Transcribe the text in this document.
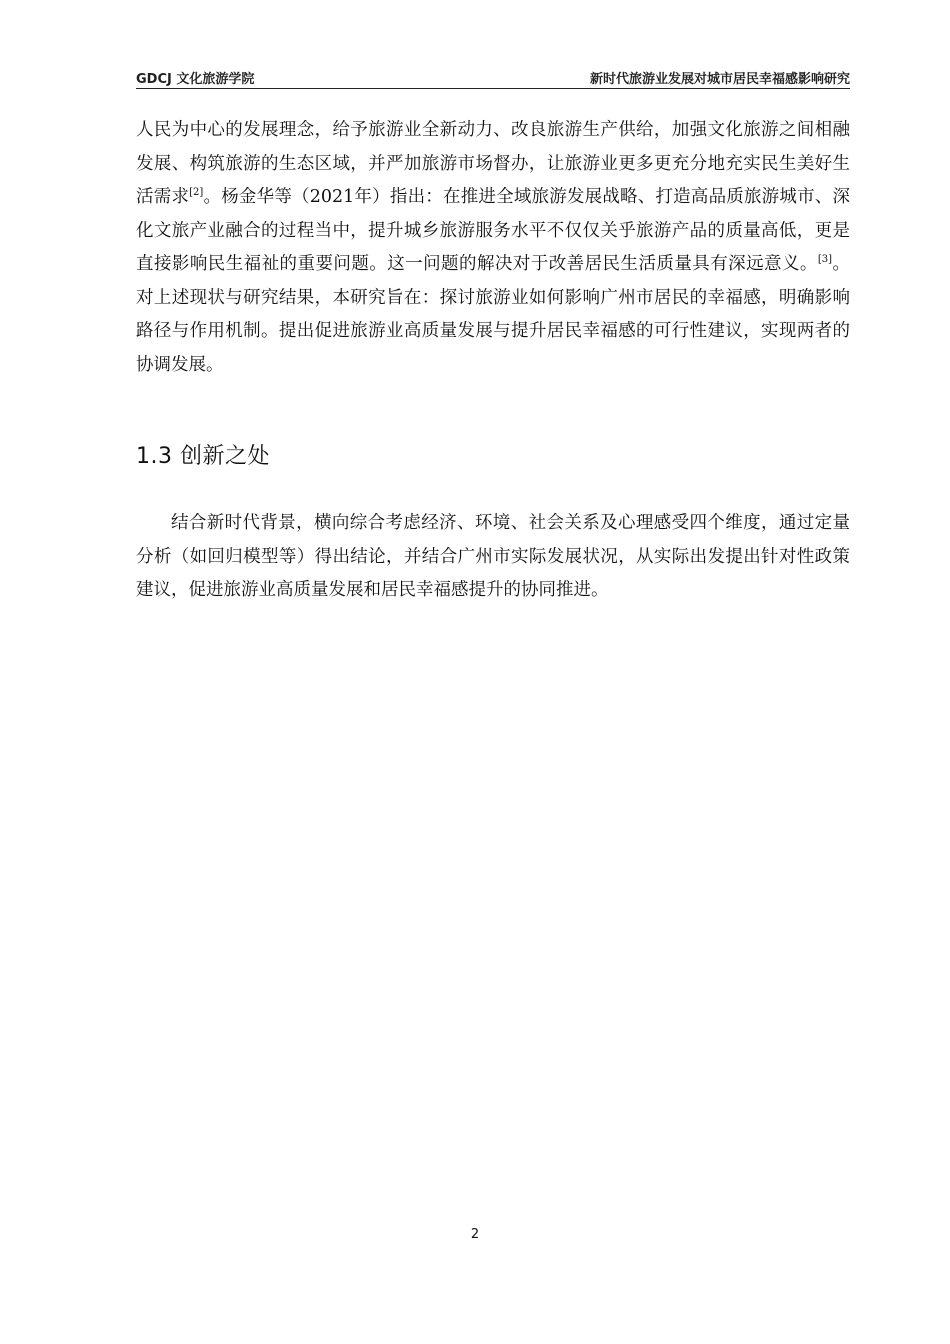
GDCJ 文化旅游学院	新时代旅游业发展对城市居民幸福感影响研究

人民为中心的发展理念，给予旅游业全新动力、改良旅游生产供给，加强文化旅游之间相融发展、构筑旅游的生态区域，并严加旅游市场督办，让旅游业更多更充分地充实民生美好生活需求[2]。杨金华等（2021年）指出：在推进全域旅游发展战略、打造高品质旅游城市、深化文旅产业融合的过程当中，提升城乡旅游服务水平不仅仅关乎旅游产品的质量高低，更是直接影响民生福祉的重要问题。这一问题的解决对于改善居民生活质量具有深远意义。[3]。对上述现状与研究结果，本研究旨在：探讨旅游业如何影响广州市居民的幸福感，明确影响路径与作用机制。提出促进旅游业高质量发展与提升居民幸福感的可行性建议，实现两者的协调发展。

1.3 创新之处

结合新时代背景，横向综合考虑经济、环境、社会关系及心理感受四个维度，通过定量分析（如回归模型等）得出结论，并结合广州市实际发展状况，从实际出发提出针对性政策建议，促进旅游业高质量发展和居民幸福感提升的协同推进。

2
